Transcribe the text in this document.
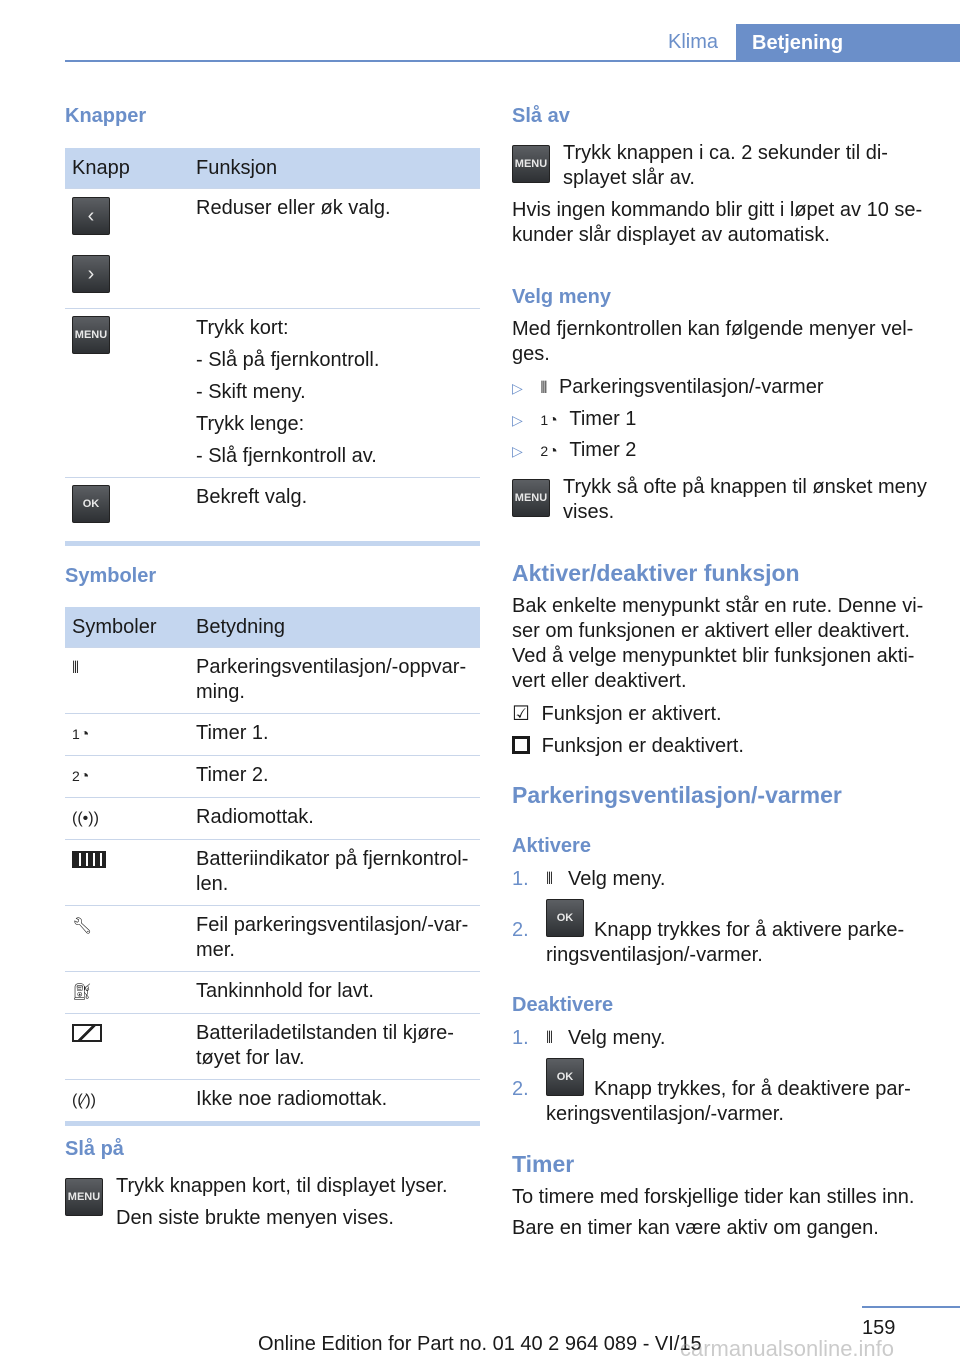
Klima	Betjening
Knapper
Knapp	Funksjon
‹
›	Reduser eller øk valg.
MENU	Trykk kort:
- Slå på fjernkontroll.
- Skift meny.
Trykk lenge:
- Slå fjernkontroll av.

OK	Bekreft valg.
Symboler
Symboler	Betydning
⦀	Parkeringsventilasjon/-oppvar-ming.
1◔	Timer 1.
2◔	Timer 2.
((•))	Radiomottak.
	Batteriindikator på fjernkontrol-len.
🔧︎	Feil parkeringsventilasjon/-var-mer.
⛽︎	Tankinnhold for lavt.
	Batteriladetilstanden til kjøre-tøyet for lav.
((⁄))	Ikke noe radiomottak.
Slå på
MENU Trykk knappen kort, til displayet lyser.
Den siste brukte menyen vises.
Slå av
MENU Trykk knappen i ca. 2 sekunder til di-splayet slår av.
Hvis ingen kommando blir gitt i løpet av 10 se-kunder slår displayet av automatisk.
Velg meny
Med fjernkontrollen kan følgende menyer vel-ges.
▷ ⦀ Parkeringsventilasjon/-varmer
▷ 1◔ Timer 1
▷ 2◔ Timer 2
MENU Trykk så ofte på knappen til ønsket meny vises.
Aktiver/deaktiver funksjon
Bak enkelte menypunkt står en rute. Denne vi-ser om funksjonen er aktivert eller deaktivert. Ved å velge menypunktet blir funksjonen akti-vert eller deaktivert.
☑︎ Funksjon er aktivert.
Funksjon er deaktivert.
Parkeringsventilasjon/-varmer
Aktivere
1. ⦀ Velg meny.
2.
OK
Knapp trykkes for å aktivere parke-ringsventilasjon/-varmer.
Deaktivere
1. ⦀ Velg meny.
2.
OK
Knapp trykkes, for å deaktivere par-keringsventilasjon/-varmer.
Timer
To timere med forskjellige tider kan stilles inn.
Bare en timer kan være aktiv om gangen.
159
Online Edition for Part no. 01 40 2 964 089 - VI/15
carmanualsonline.info
